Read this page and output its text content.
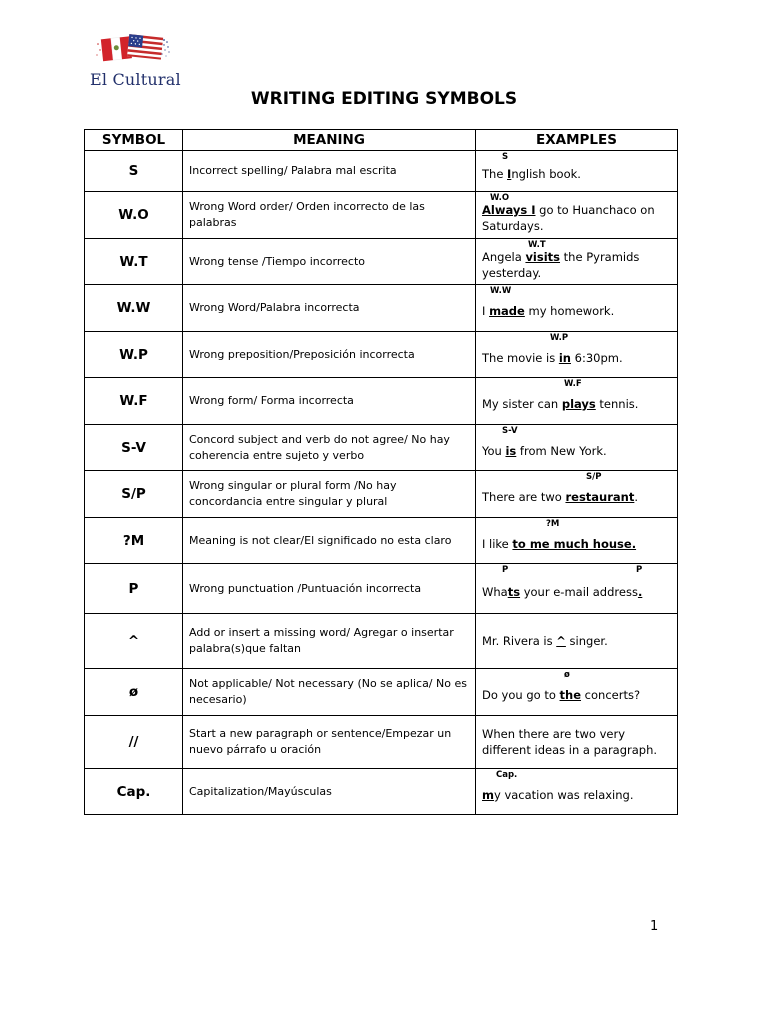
El Cultural
WRITING EDITING SYMBOLS
SYMBOL	MEANING	EXAMPLES
S	Incorrect spelling/ Palabra mal escrita	S
The Inglish book.

W.O	Wrong Word order/ Orden incorrecto de las palabras	W.O
Always I go to Huanchaco on Saturdays.

W.T	Wrong tense /Tiempo incorrecto	W.T
Angela visits the Pyramids yesterday.

W.W	Wrong Word/Palabra incorrecta	W.W
I made my homework.

W.P	Wrong preposition/Preposición incorrecta	W.P
The movie is in 6:30pm.

W.F	Wrong form/ Forma incorrecta	W.F
My sister can plays tennis.

S-V	Concord subject and verb do not agree/ No hay coherencia entre sujeto y verbo	S-V
You is from New York.

S/P	Wrong singular or plural form /No hay concordancia entre singular y plural	S/P
There are two restaurant.

?M	Meaning is not clear/El significado no esta claro	?M
I like to me much house.

P	Wrong punctuation /Puntuación incorrecta	P P
Whats your e-mail address.

^	Add or insert a missing word/ Agregar o insertar palabra(s)que faltan	Mr. Rivera is ^ singer.

ø	Not applicable/ Not necessary (No se aplica/ No es necesario)	ø
Do you go to the concerts?

//	Start a new paragraph or sentence/Empezar un nuevo párrafo u oración	When there are two very different ideas in a paragraph.

Cap.	Capitalization/Mayúsculas	Cap.
my vacation was relaxing.
1
